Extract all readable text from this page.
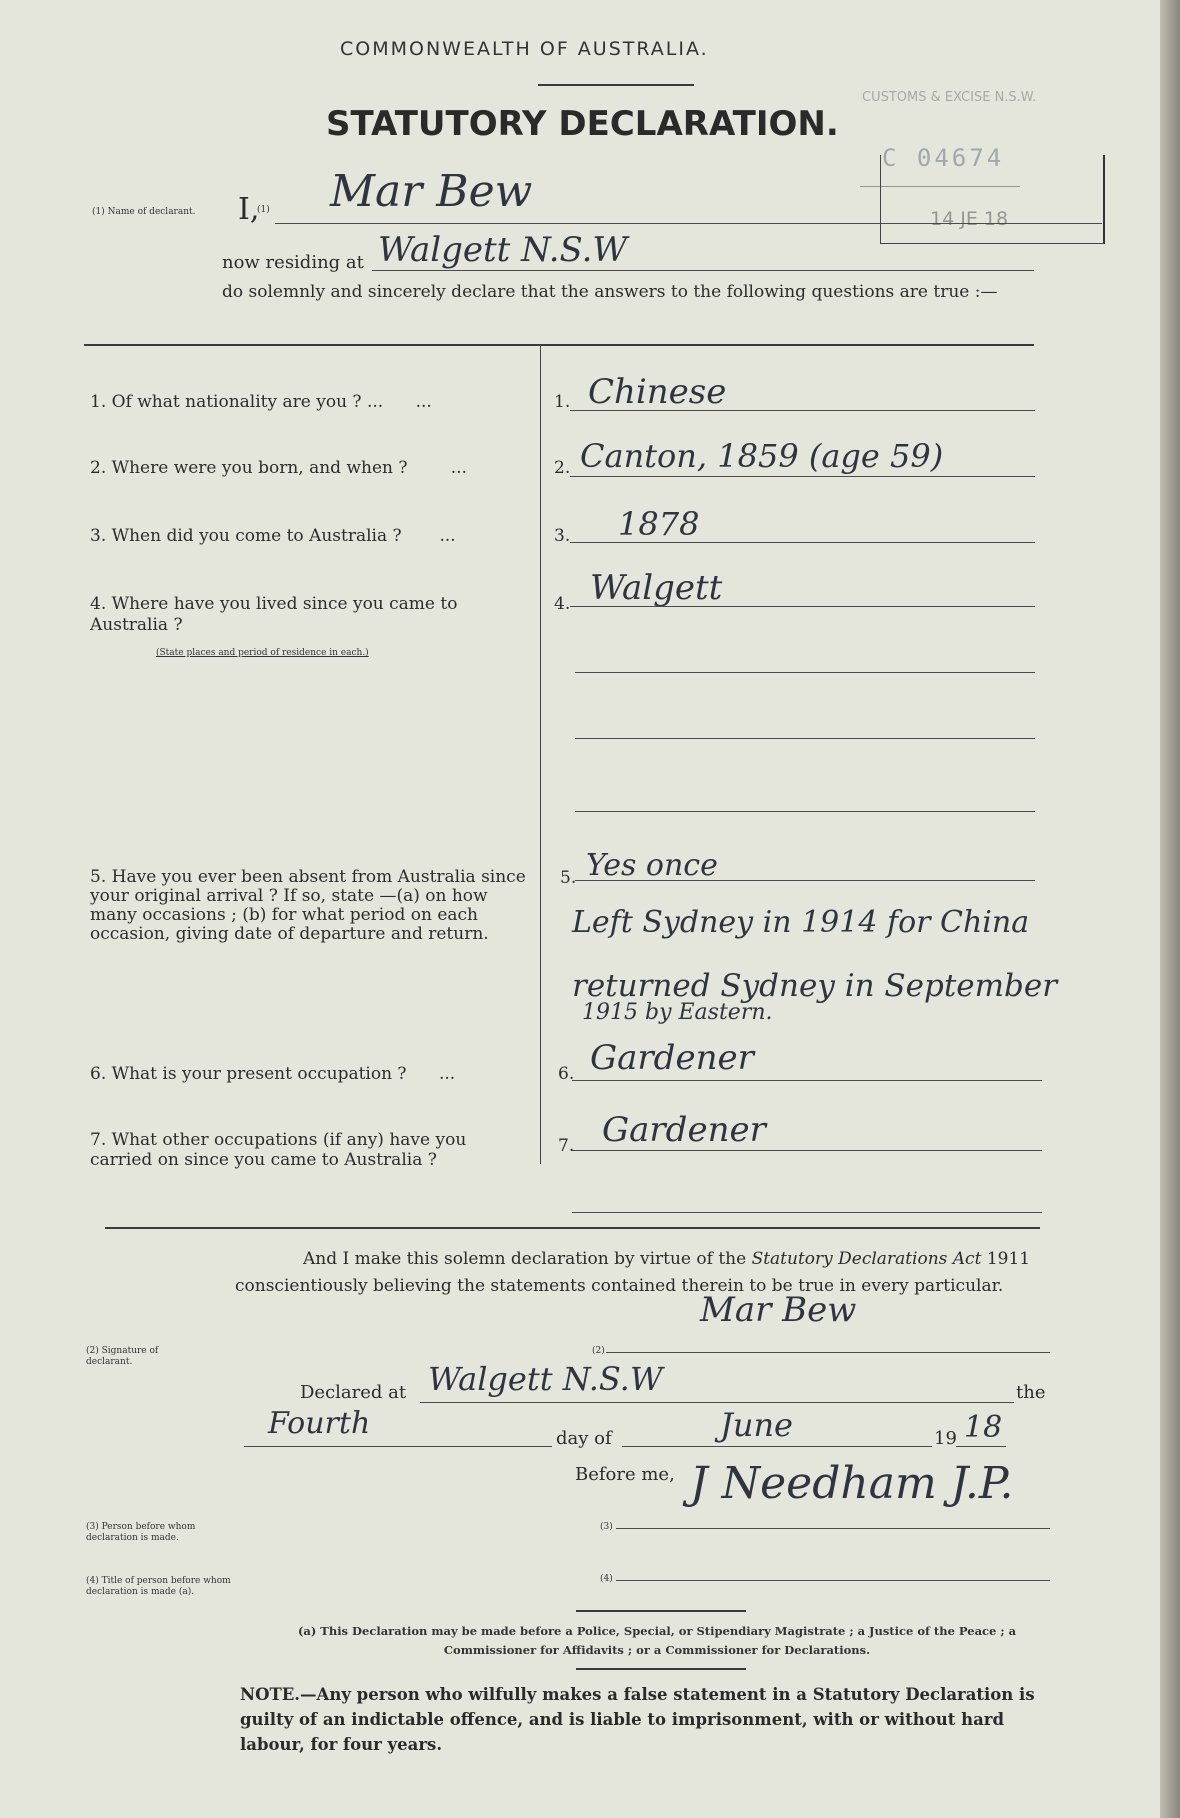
COMMONWEALTH OF AUSTRALIA.
STATUTORY DECLARATION.
CUSTOMS & EXCISE N.S.W.
C 04674
14 JE 18
(1) Name of declarant. I,
(1) Mar Bew
now residing at Walgett N.S.W
do solemnly and sincerely declare that the answers to the following questions are true :—
1. Of what nationality are you ? ...      ...	1. Chinese
2. Where were you born, and when ?        ...	2. Canton, 1859 (age 59)
3. When did you come to Australia ?       ...	3. 1878
4. Where have you lived since you came to Australia ?
(State places and period of residence in each.)
4. Walgett
5. Have you ever been absent from Australia since your original arrival ? If so, state —(a) on how many occasions ; (b) for what period on each occasion, giving date of departure and return.
5. Yes once
Left Sydney in 1914 for China
returned Sydney in September
1915 by Eastern.
6. What is your present occupation ?      ...	6. Gardener
7. What other occupations (if any) have you carried on since you came to Australia ?
7. Gardener
And I make this solemn declaration by virtue of the Statutory Declarations Act 1911 conscientiously believing the statements contained therein to be true in every particular.
Mar Bew
(2) Signature of declarant.
(2)
Declared at Walgett N.S.W	the
Fourth	day of	June	19 18
Before me, J Needham J.P.
(3) Person before whom declaration is made.
(3)
(4) Title of person before whom declaration is made (a).
(4)
(a) This Declaration may be made before a Police, Special, or Stipendiary Magistrate ; a Justice of the Peace ; a Commissioner for Affidavits ; or a Commissioner for Declarations.
NOTE.—Any person who wilfully makes a false statement in a Statutory Declaration is guilty of an indictable offence, and is liable to imprisonment, with or without hard labour, for four years.
